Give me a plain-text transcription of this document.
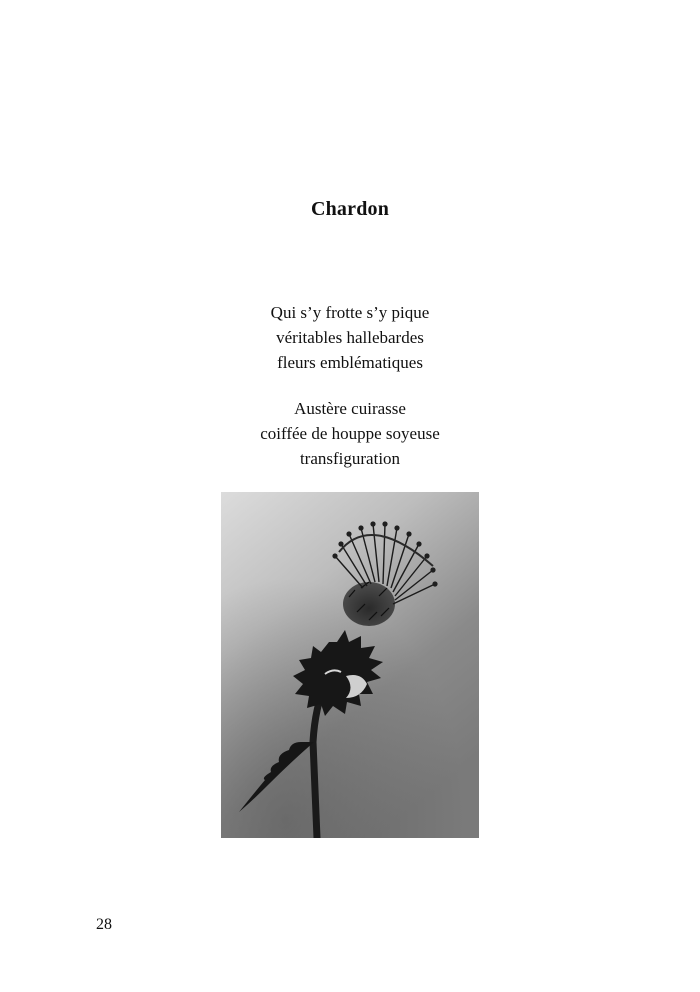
Chardon
Qui s’y frotte s’y pique
véritables hallebardes
fleurs emblématiques
Austère cuirasse
coiffée de houppe soyeuse
transfiguration
28
